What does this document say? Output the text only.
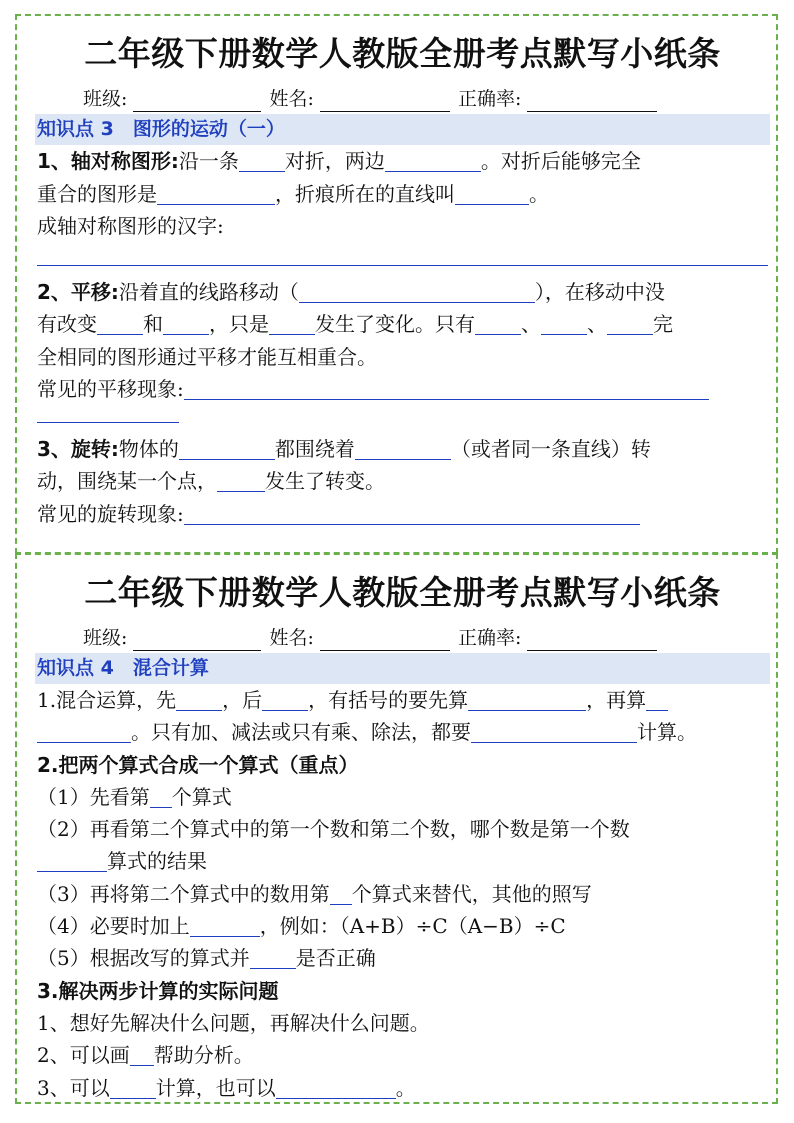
二年级下册数学人教版全册考点默写小纸条
班级:	姓名:	正确率:
知识点 3　图形的运动（一）
1、轴对称图形:沿一条 对折，两边	。对折后能够完全
重合的图形是	，折痕所在的直线叫	。
成轴对称图形的汉字:
2、平移:沿着直的线路移动（	），在移动中没
有改变 和 ，只是 发生了变化。只有 、 、 完
全相同的图形通过平移才能互相重合。
常见的平移现象:
3、旋转:物体的	都围绕着	（或者同一条直线）转
动，围绕某一个点， 发生了转变。
常见的旋转现象:
二年级下册数学人教版全册考点默写小纸条
班级:	姓名:	正确率:
知识点 4　混合计算
1.混合运算，先 ，后 ，有括号的要先算	，再算
。只有加、减法或只有乘、除法，都要	计算。
2.把两个算式合成一个算式（重点）
（1）先看第 个算式
（2）再看第二个算式中的第一个数和第二个数，哪个数是第一个数
算式的结果
（3）再将第二个算式中的数用第 个算式来替代，其他的照写
（4）必要时加上	，例如：（A+B）÷C（A−B）÷C
（5）根据改写的算式并 是否正确
3.解决两步计算的实际问题
1、想好先解决什么问题，再解决什么问题。
2、可以画 帮助分析。
3、可以 计算，也可以	。
